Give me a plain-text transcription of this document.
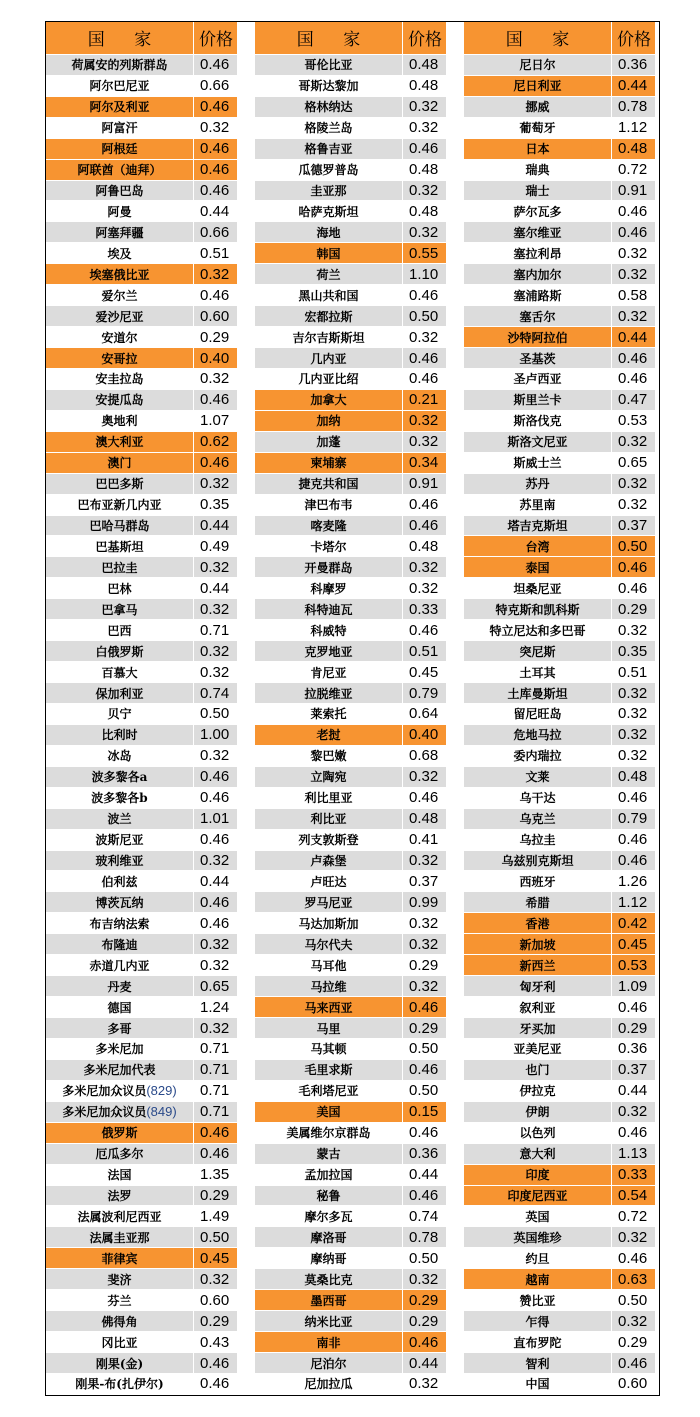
国 家	价格
荷属安的列斯群岛	0.46
阿尔巴尼亚	0.66
阿尔及利亚	0.46
阿富汗	0.32
阿根廷	0.46
阿联酋（迪拜）	0.46
阿鲁巴岛	0.46
阿曼	0.44
阿塞拜疆	0.66
埃及	0.51
埃塞俄比亚	0.32
爱尔兰	0.46
爱沙尼亚	0.60
安道尔	0.29
安哥拉	0.40
安圭拉岛	0.32
安提瓜岛	0.46
奥地利	1.07
澳大利亚	0.62
澳门	0.46
巴巴多斯	0.32
巴布亚新几内亚	0.35
巴哈马群岛	0.44
巴基斯坦	0.49
巴拉圭	0.32
巴林	0.44
巴拿马	0.32
巴西	0.71
白俄罗斯	0.32
百慕大	0.32
保加利亚	0.74
贝宁	0.50
比利时	1.00
冰岛	0.32
波多黎各a	0.46
波多黎各b	0.46
波兰	1.01
波斯尼亚	0.46
玻利维亚	0.32
伯利兹	0.44
博茨瓦纳	0.46
布吉纳法索	0.46
布隆迪	0.32
赤道几内亚	0.32
丹麦	0.65
德国	1.24
多哥	0.32
多米尼加	0.71
多米尼加代表	0.71
多米尼加众议员 (829)	0.71
多米尼加众议员 (849)	0.71
俄罗斯	0.46
厄瓜多尔	0.46
法国	1.35
法罗	0.29
法属波利尼西亚	1.49
法属圭亚那	0.50
菲律宾	0.45
斐济	0.32
芬兰	0.60
佛得角	0.29
冈比亚	0.43
刚果(金)	0.46
刚果-布(扎伊尔)	0.46
国 家	价格
哥伦比亚	0.48
哥斯达黎加	0.48
格林纳达	0.32
格陵兰岛	0.32
格鲁吉亚	0.46
瓜德罗普岛	0.48
圭亚那	0.32
哈萨克斯坦	0.48
海地	0.32
韩国	0.55
荷兰	1.10
黑山共和国	0.46
宏都拉斯	0.50
吉尔吉斯斯坦	0.32
几内亚	0.46
几内亚比绍	0.46
加拿大	0.21
加纳	0.32
加蓬	0.32
柬埔寨	0.34
捷克共和国	0.91
津巴布韦	0.46
喀麦隆	0.46
卡塔尔	0.48
开曼群岛	0.32
科摩罗	0.32
科特迪瓦	0.33
科威特	0.46
克罗地亚	0.51
肯尼亚	0.45
拉脱维亚	0.79
莱索托	0.64
老挝	0.40
黎巴嫩	0.68
立陶宛	0.32
利比里亚	0.46
利比亚	0.48
列支敦斯登	0.41
卢森堡	0.32
卢旺达	0.37
罗马尼亚	0.99
马达加斯加	0.32
马尔代夫	0.32
马耳他	0.29
马拉维	0.32
马来西亚	0.46
马里	0.29
马其顿	0.50
毛里求斯	0.46
毛利塔尼亚	0.50
美国	0.15
美属维尔京群岛	0.46
蒙古	0.36
孟加拉国	0.44
秘鲁	0.46
摩尔多瓦	0.74
摩洛哥	0.78
摩纳哥	0.50
莫桑比克	0.32
墨西哥	0.29
纳米比亚	0.29
南非	0.46
尼泊尔	0.44
尼加拉瓜	0.32
国 家	价格
尼日尔	0.36
尼日利亚	0.44
挪威	0.78
葡萄牙	1.12
日本	0.48
瑞典	0.72
瑞士	0.91
萨尔瓦多	0.46
塞尔维亚	0.46
塞拉利昂	0.32
塞内加尔	0.32
塞浦路斯	0.58
塞舌尔	0.32
沙特阿拉伯	0.44
圣基茨	0.46
圣卢西亚	0.46
斯里兰卡	0.47
斯洛伐克	0.53
斯洛文尼亚	0.32
斯威士兰	0.65
苏丹	0.32
苏里南	0.32
塔吉克斯坦	0.37
台湾	0.50
泰国	0.46
坦桑尼亚	0.46
特克斯和凯科斯	0.29
特立尼达和多巴哥	0.32
突尼斯	0.35
土耳其	0.51
土库曼斯坦	0.32
留尼旺岛	0.32
危地马拉	0.32
委内瑞拉	0.32
文莱	0.48
乌干达	0.46
乌克兰	0.79
乌拉圭	0.46
乌兹别克斯坦	0.46
西班牙	1.26
希腊	1.12
香港	0.42
新加坡	0.45
新西兰	0.53
匈牙利	1.09
叙利亚	0.46
牙买加	0.29
亚美尼亚	0.36
也门	0.37
伊拉克	0.44
伊朗	0.32
以色列	0.46
意大利	1.13
印度	0.33
印度尼西亚	0.54
英国	0.72
英国维珍	0.32
约旦	0.46
越南	0.63
赞比亚	0.50
乍得	0.32
直布罗陀	0.29
智利	0.46
中国	0.60
